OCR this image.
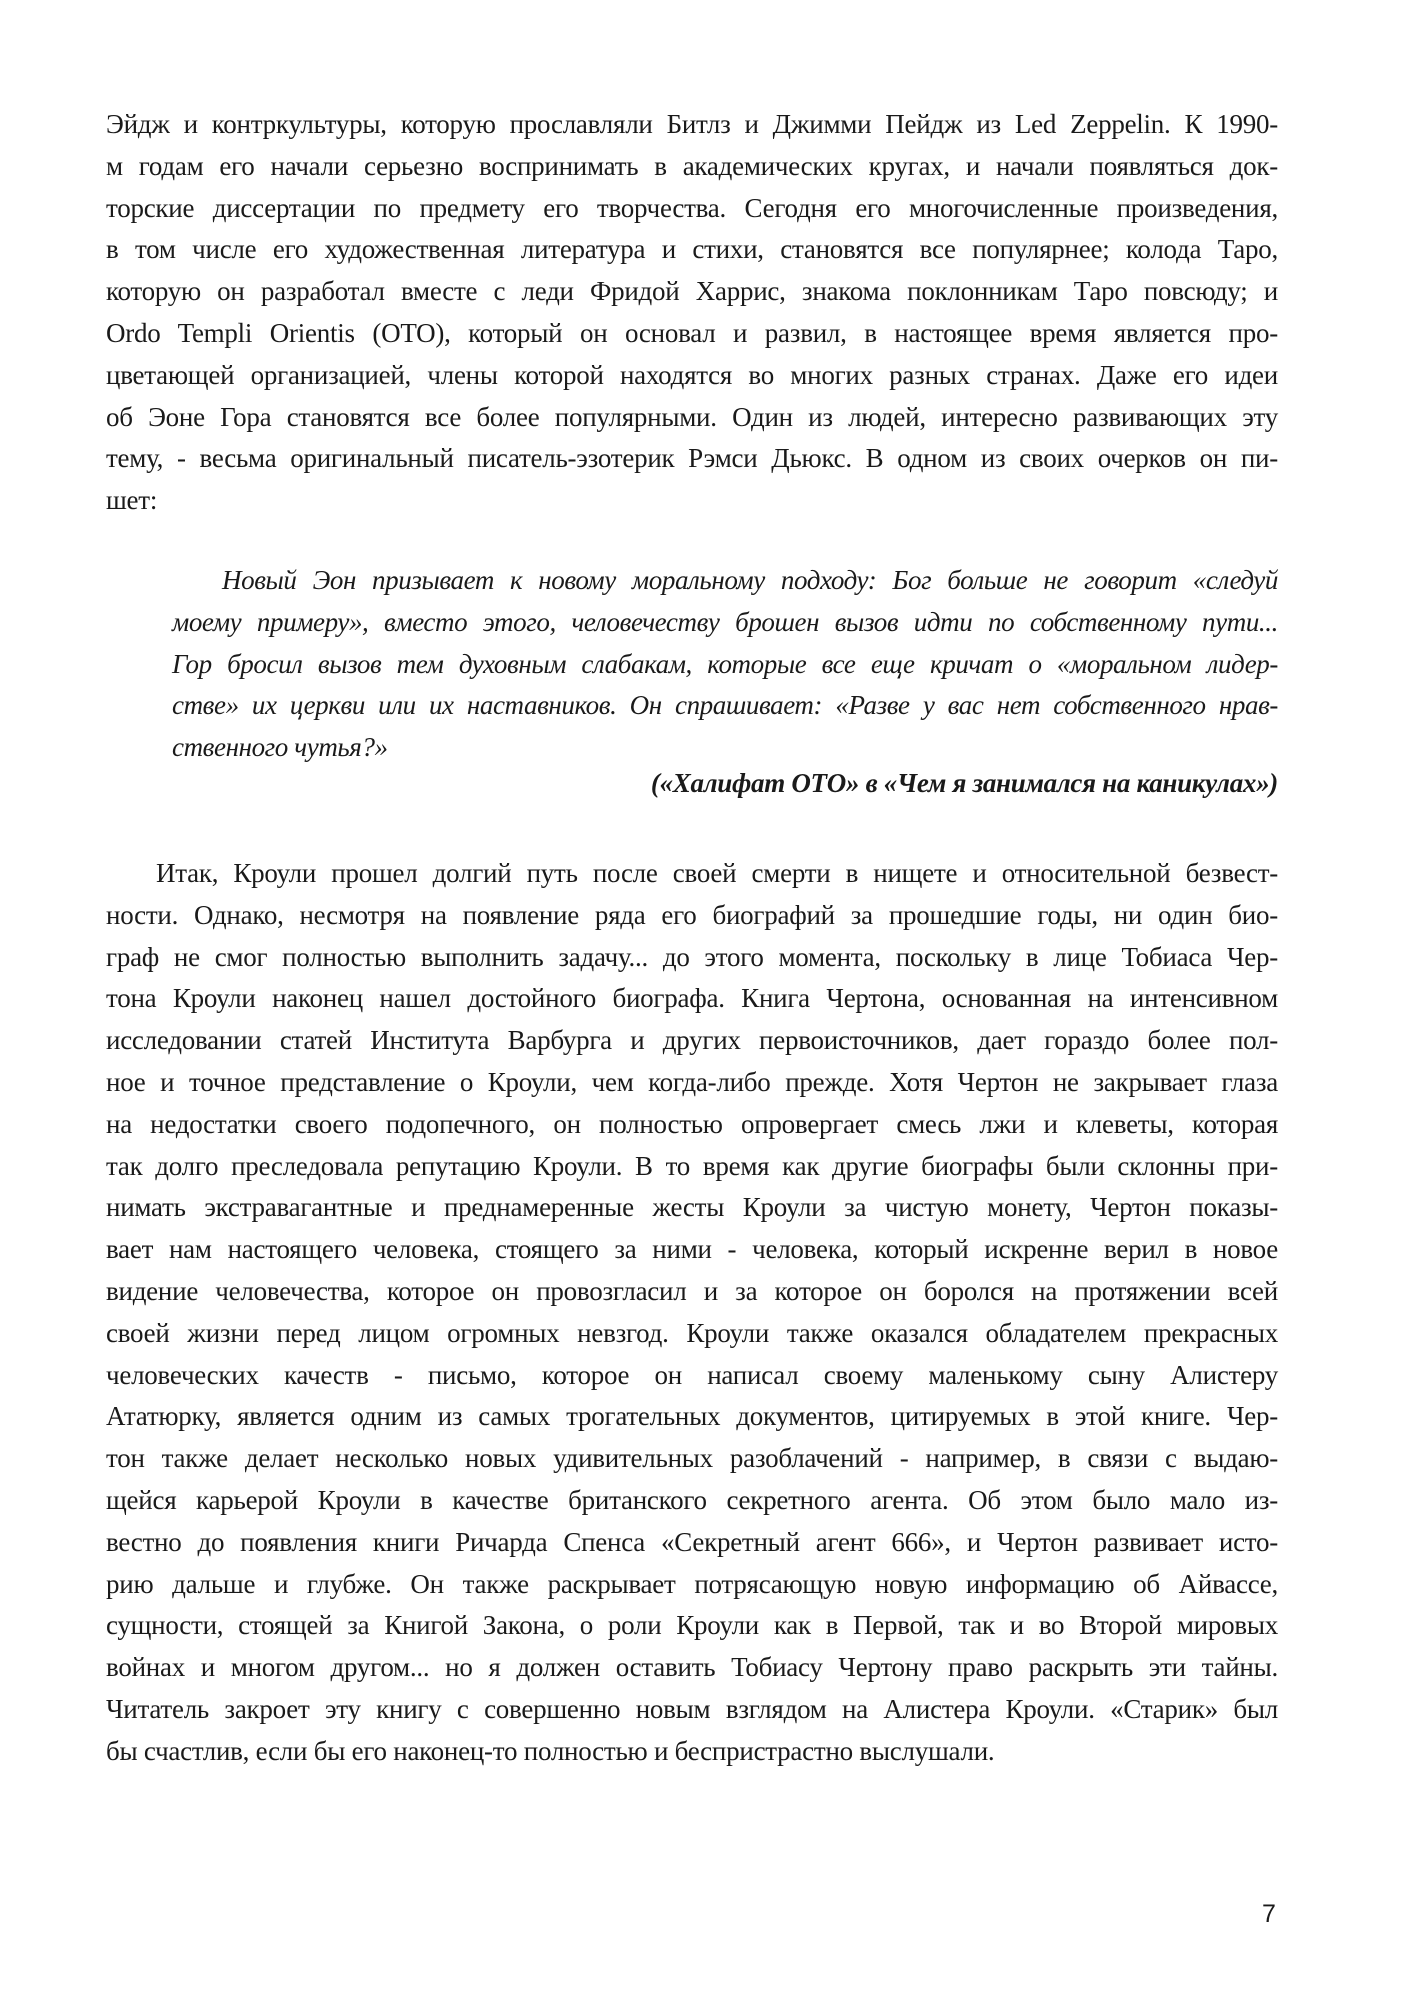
Эйдж и контркультуры, которую прославляли Битлз и Джимми Пейдж из Led Zeppelin. К 1990-
м годам его начали серьезно воспринимать в академических кругах, и начали появляться док-
торские диссертации по предмету его творчества. Сегодня его многочисленные произведения,
в том числе его художественная литература и стихи, становятся все популярнее; колода Таро,
которую он разработал вместе с леди Фридой Харрис, знакома поклонникам Таро повсюду; и
Ordo Templi Orientis (OTO), который он основал и развил, в настоящее время является про-
цветающей организацией, члены которой находятся во многих разных странах. Даже его идеи
об Эоне Гора становятся все более популярными. Один из людей, интересно развивающих эту
тему, - весьма оригинальный писатель-эзотерик Рэмси Дьюкс. В одном из своих очерков он пи-
шет:
Новый Эон призывает к новому моральному подходу: Бог больше не говорит «следуй
моему примеру», вместо этого, человечеству брошен вызов идти по собственному пути...
Гор бросил вызов тем духовным слабакам, которые все еще кричат о «моральном лидер-
стве» их церкви или их наставников. Он спрашивает: «Разве у вас нет собственного нрав-
ственного чутья?»
(«Халифат ОТО» в «Чем я занимался на каникулах»)
Итак, Кроули прошел долгий путь после своей смерти в нищете и относительной безвест-
ности. Однако, несмотря на появление ряда его биографий за прошедшие годы, ни один био-
граф не смог полностью выполнить задачу... до этого момента, поскольку в лице Тобиаса Чер-
тона Кроули наконец нашел достойного биографа. Книга Чертона, основанная на интенсивном
исследовании статей Института Варбурга и других первоисточников, дает гораздо более пол-
ное и точное представление о Кроули, чем когда-либо прежде. Хотя Чертон не закрывает глаза
на недостатки своего подопечного, он полностью опровергает смесь лжи и клеветы, которая
так долго преследовала репутацию Кроули. В то время как другие биографы были склонны при-
нимать экстравагантные и преднамеренные жесты Кроули за чистую монету, Чертон показы-
вает нам настоящего человека, стоящего за ними - человека, который искренне верил в новое
видение человечества, которое он провозгласил и за которое он боролся на протяжении всей
своей жизни перед лицом огромных невзгод. Кроули также оказался обладателем прекрасных
человеческих качеств - письмо, которое он написал своему маленькому сыну Алистеру
Ататюрку, является одним из самых трогательных документов, цитируемых в этой книге. Чер-
тон также делает несколько новых удивительных разоблачений - например, в связи с выдаю-
щейся карьерой Кроули в качестве британского секретного агента. Об этом было мало из-
вестно до появления книги Ричарда Спенса «Секретный агент 666», и Чертон развивает исто-
рию дальше и глубже. Он также раскрывает потрясающую новую информацию об Айвассе,
сущности, стоящей за Книгой Закона, о роли Кроули как в Первой, так и во Второй мировых
войнах и многом другом... но я должен оставить Тобиасу Чертону право раскрыть эти тайны.
Читатель закроет эту книгу с совершенно новым взглядом на Алистера Кроули. «Старик» был
бы счастлив, если бы его наконец-то полностью и беспристрастно выслушали.
7
